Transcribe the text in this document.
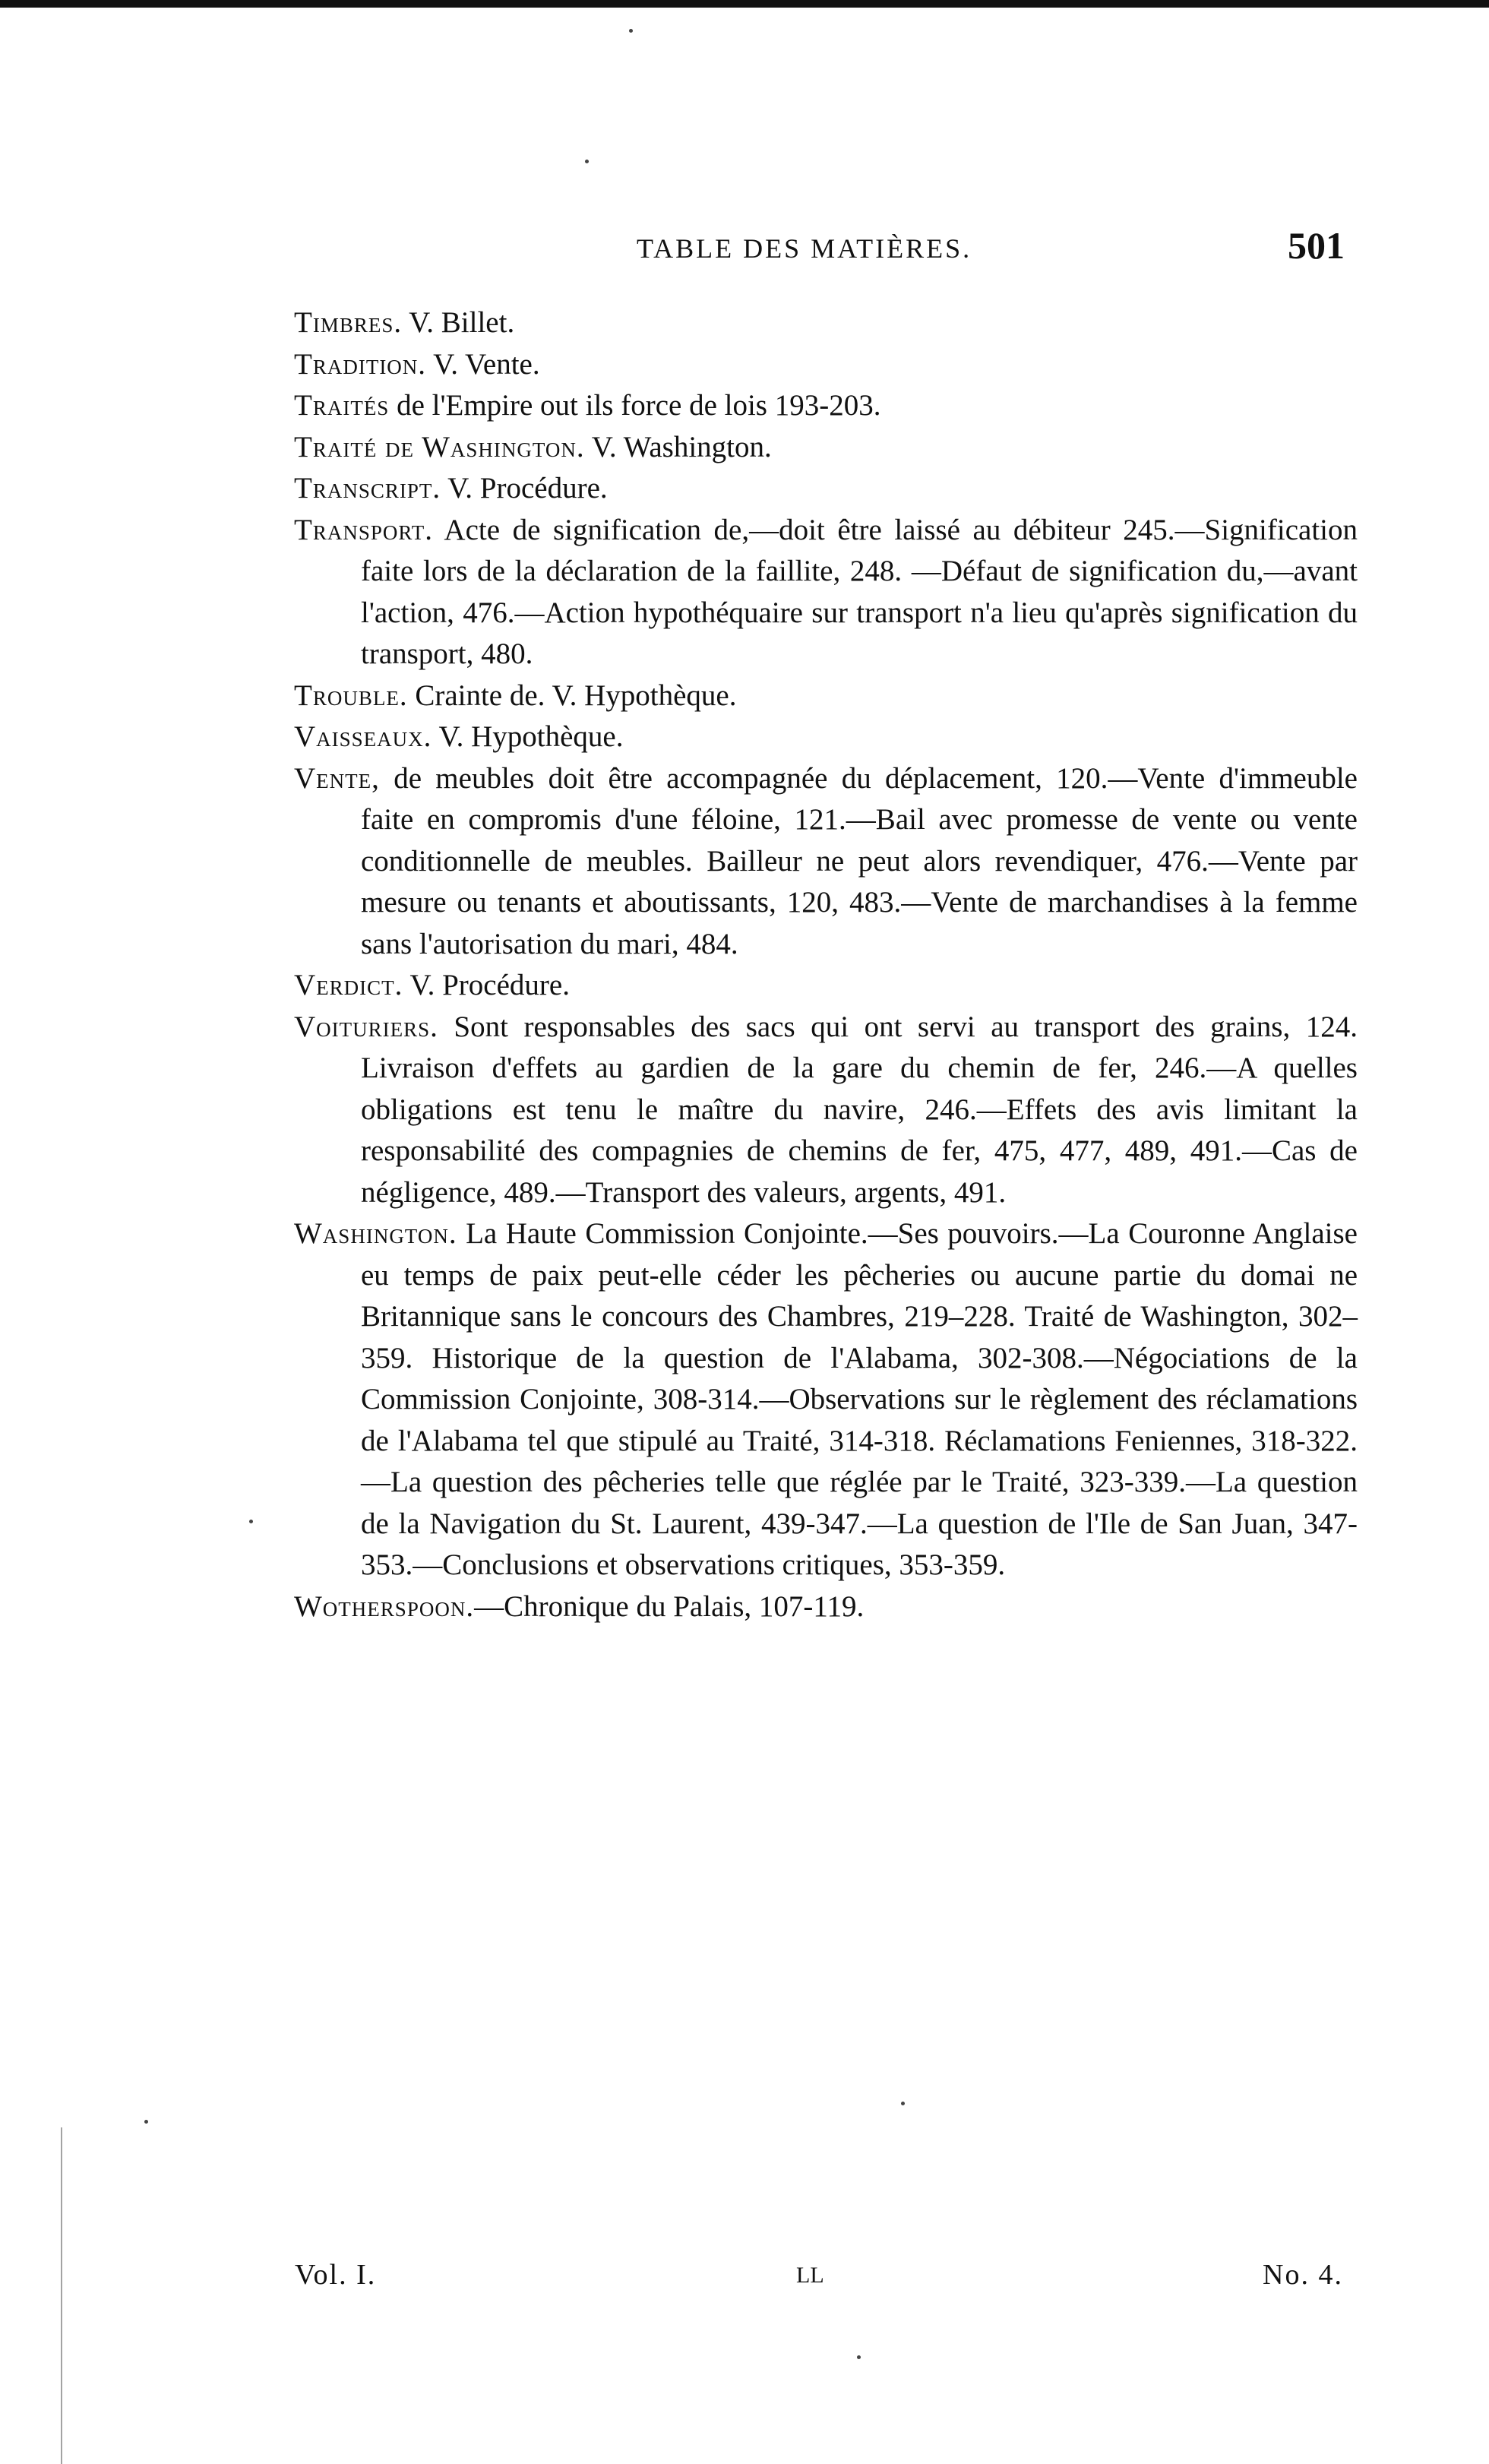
TABLE DES MATIÈRES.	501

Timbres. V. Billet.

Tradition. V. Vente.

Traités de l'Empire out ils force de lois 193-203.

Traité de Washington. V. Washington.

Transcript. V. Procédure.

Transport. Acte de signification de,—doit être laissé au débiteur 245.—Signification faite lors de la déclaration de la faillite, 248. —Défaut de signification du,—avant l'action, 476.—Action hypothéquaire sur transport n'a lieu qu'après signification du transport, 480.

Trouble. Crainte de. V. Hypothèque.

Vaisseaux. V. Hypothèque.

Vente, de meubles doit être accompagnée du déplacement, 120.—Vente d'immeuble faite en compromis d'une féloine, 121.—Bail avec promesse de vente ou vente conditionnelle de meubles. Bailleur ne peut alors revendiquer, 476.—Vente par mesure ou tenants et aboutissants, 120, 483.—Vente de marchandises à la femme sans l'autorisation du mari, 484.

Verdict. V. Procédure.

Voituriers. Sont responsables des sacs qui ont servi au transport des grains, 124. Livraison d'effets au gardien de la gare du chemin de fer, 246.—A quelles obligations est tenu le maître du navire, 246.—Effets des avis limitant la responsabilité des compagnies de chemins de fer, 475, 477, 489, 491.—Cas de négligence, 489.—Transport des valeurs, argents, 491.

Washington. La Haute Commission Conjointe.—Ses pouvoirs.—La Couronne Anglaise eu temps de paix peut-elle céder les pêcheries ou aucune partie du domai ne Britannique sans le concours des Chambres, 219–228. Traité de Washington, 302–359. Historique de la question de l'Alabama, 302-308.—Négociations de la Commission Conjointe, 308-314.—Observations sur le règlement des réclamations de l'Alabama tel que stipulé au Traité, 314-318. Réclamations Feniennes, 318-322.—La question des pêcheries telle que réglée par le Traité, 323-339.—La question de la Navigation du St. Laurent, 439-347.—La question de l'Ile de San Juan, 347-353.—Conclusions et observations critiques, 353-359.

Wotherspoon.—Chronique du Palais, 107-119.

Vol. I.	LL	No. 4.
